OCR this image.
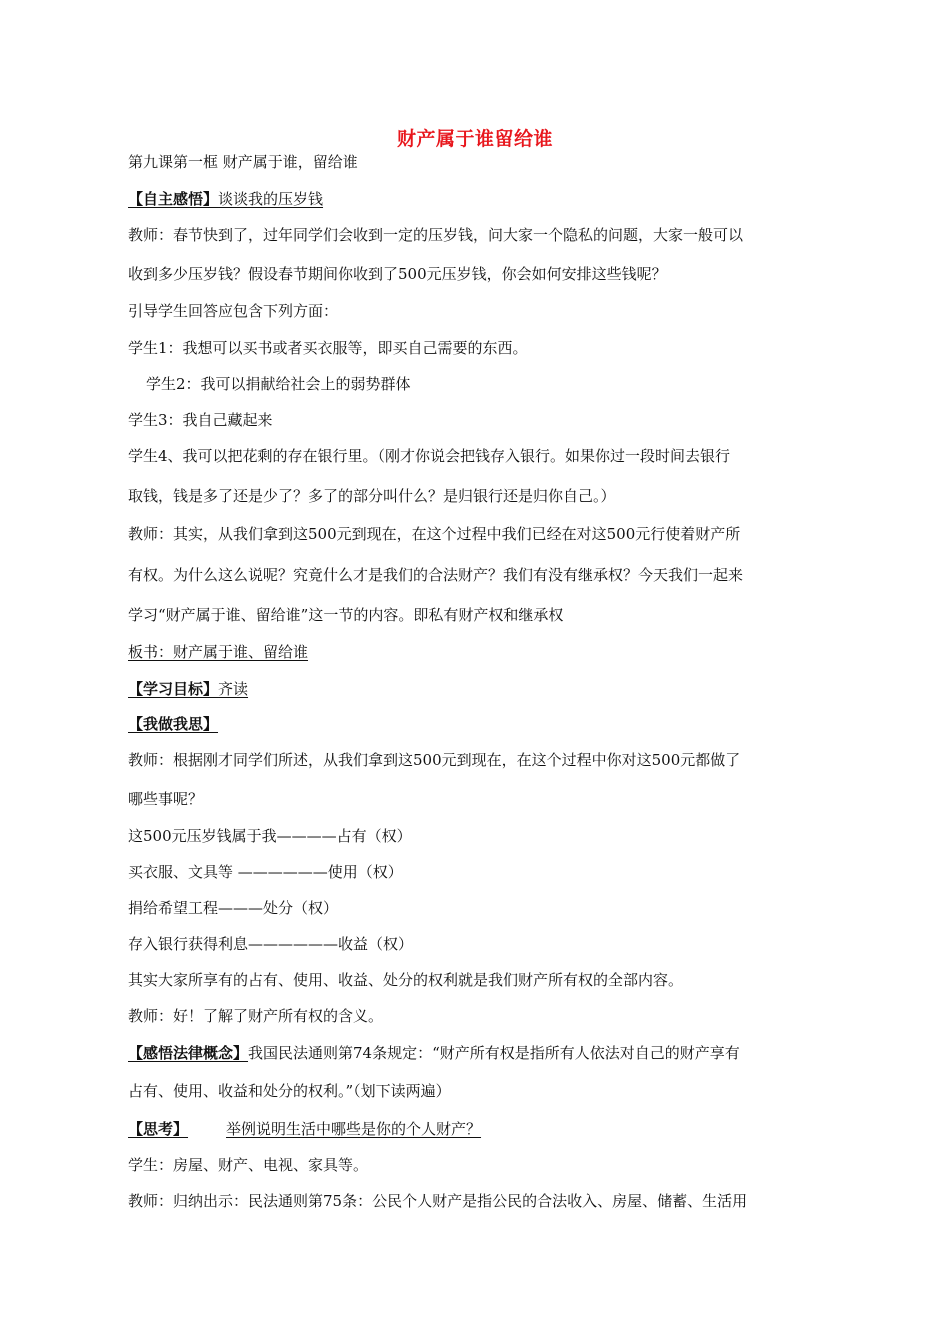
财产属于谁留给谁
第九课第一框 财产属于谁，留给谁
【自主感悟】谈谈我的压岁钱
教师：春节快到了，过年同学们会收到一定的压岁钱，问大家一个隐私的问题，大家一般可以
收到多少压岁钱？假设春节期间你收到了500元压岁钱，你会如何安排这些钱呢？
引导学生回答应包含下列方面：
学生1：我想可以买书或者买衣服等，即买自己需要的东西。
学生2：我可以捐献给社会上的弱势群体
学生3：我自己藏起来
学生4、我可以把花剩的存在银行里。（刚才你说会把钱存入银行。如果你过一段时间去银行
取钱，钱是多了还是少了？多了的部分叫什么？是归银行还是归你自己。）
教师：其实，从我们拿到这500元到现在，在这个过程中我们已经在对这500元行使着财产所
有权。为什么这么说呢？究竟什么才是我们的合法财产？我们有没有继承权？今天我们一起来
学习“财产属于谁、留给谁”这一节的内容。即私有财产权和继承权
板书：财产属于谁、留给谁
【学习目标】齐读
【我做我思】
教师：根据刚才同学们所述，从我们拿到这500元到现在，在这个过程中你对这500元都做了
哪些事呢？
这500元压岁钱属于我————占有（权）
买衣服、文具等 ——————使用（权）
捐给希望工程———处分（权）
存入银行获得利息——————收益（权）
其实大家所享有的占有、使用、收益、处分的权利就是我们财产所有权的全部内容。
教师：好！了解了财产所有权的含义。
【感悟法律概念】我国民法通则第74条规定：“财产所有权是指所有人依法对自己的财产享有
占有、使用、收益和处分的权利。”（划下读两遍）
【思考】	举例说明生活中哪些是你的个人财产？
学生：房屋、财产、电视、家具等。
教师：归纳出示：民法通则第75条：公民个人财产是指公民的合法收入、房屋、储蓄、生活用
